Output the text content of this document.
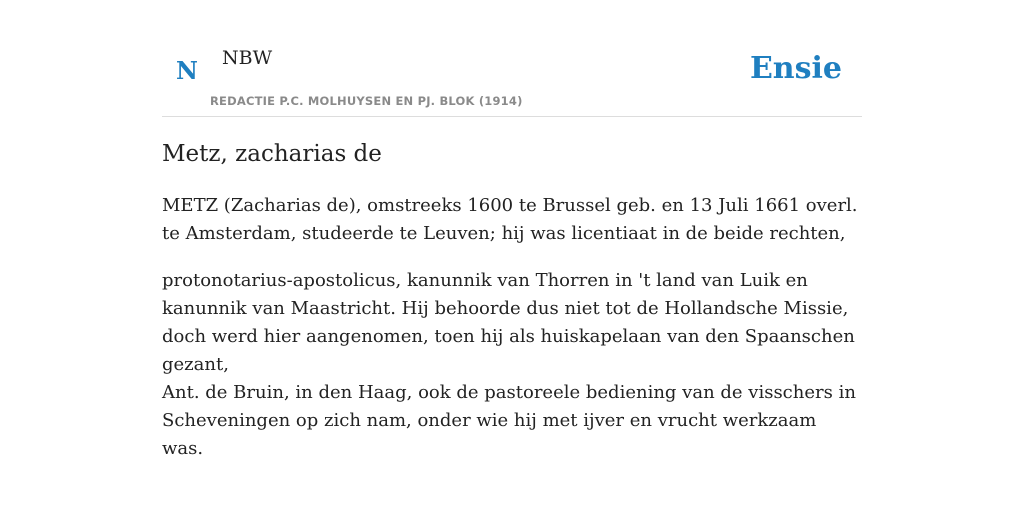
N NBW
REDACTIE P.C. MOLHUYSEN EN PJ. BLOK (1914)
Ensie
Metz, zacharias de

METZ (Zacharias de), omstreeks 1600 te Brussel geb. en 13 Juli 1661 overl. te Amsterdam, studeerde te Leuven; hij was licentiaat in de beide rechten,

protonotarius-apostolicus, kanunnik van Thorren in 't land van Luik en kanunnik van Maastricht. Hij behoorde dus niet tot de Hollandsche Missie, doch werd hier aangenomen, toen hij als huiskapelaan van den Spaanschen gezant,

Ant. de Bruin, in den Haag, ook de pastoreele bediening van de visschers in Scheveningen op zich nam, onder wie hij met ijver en vrucht werkzaam was.
